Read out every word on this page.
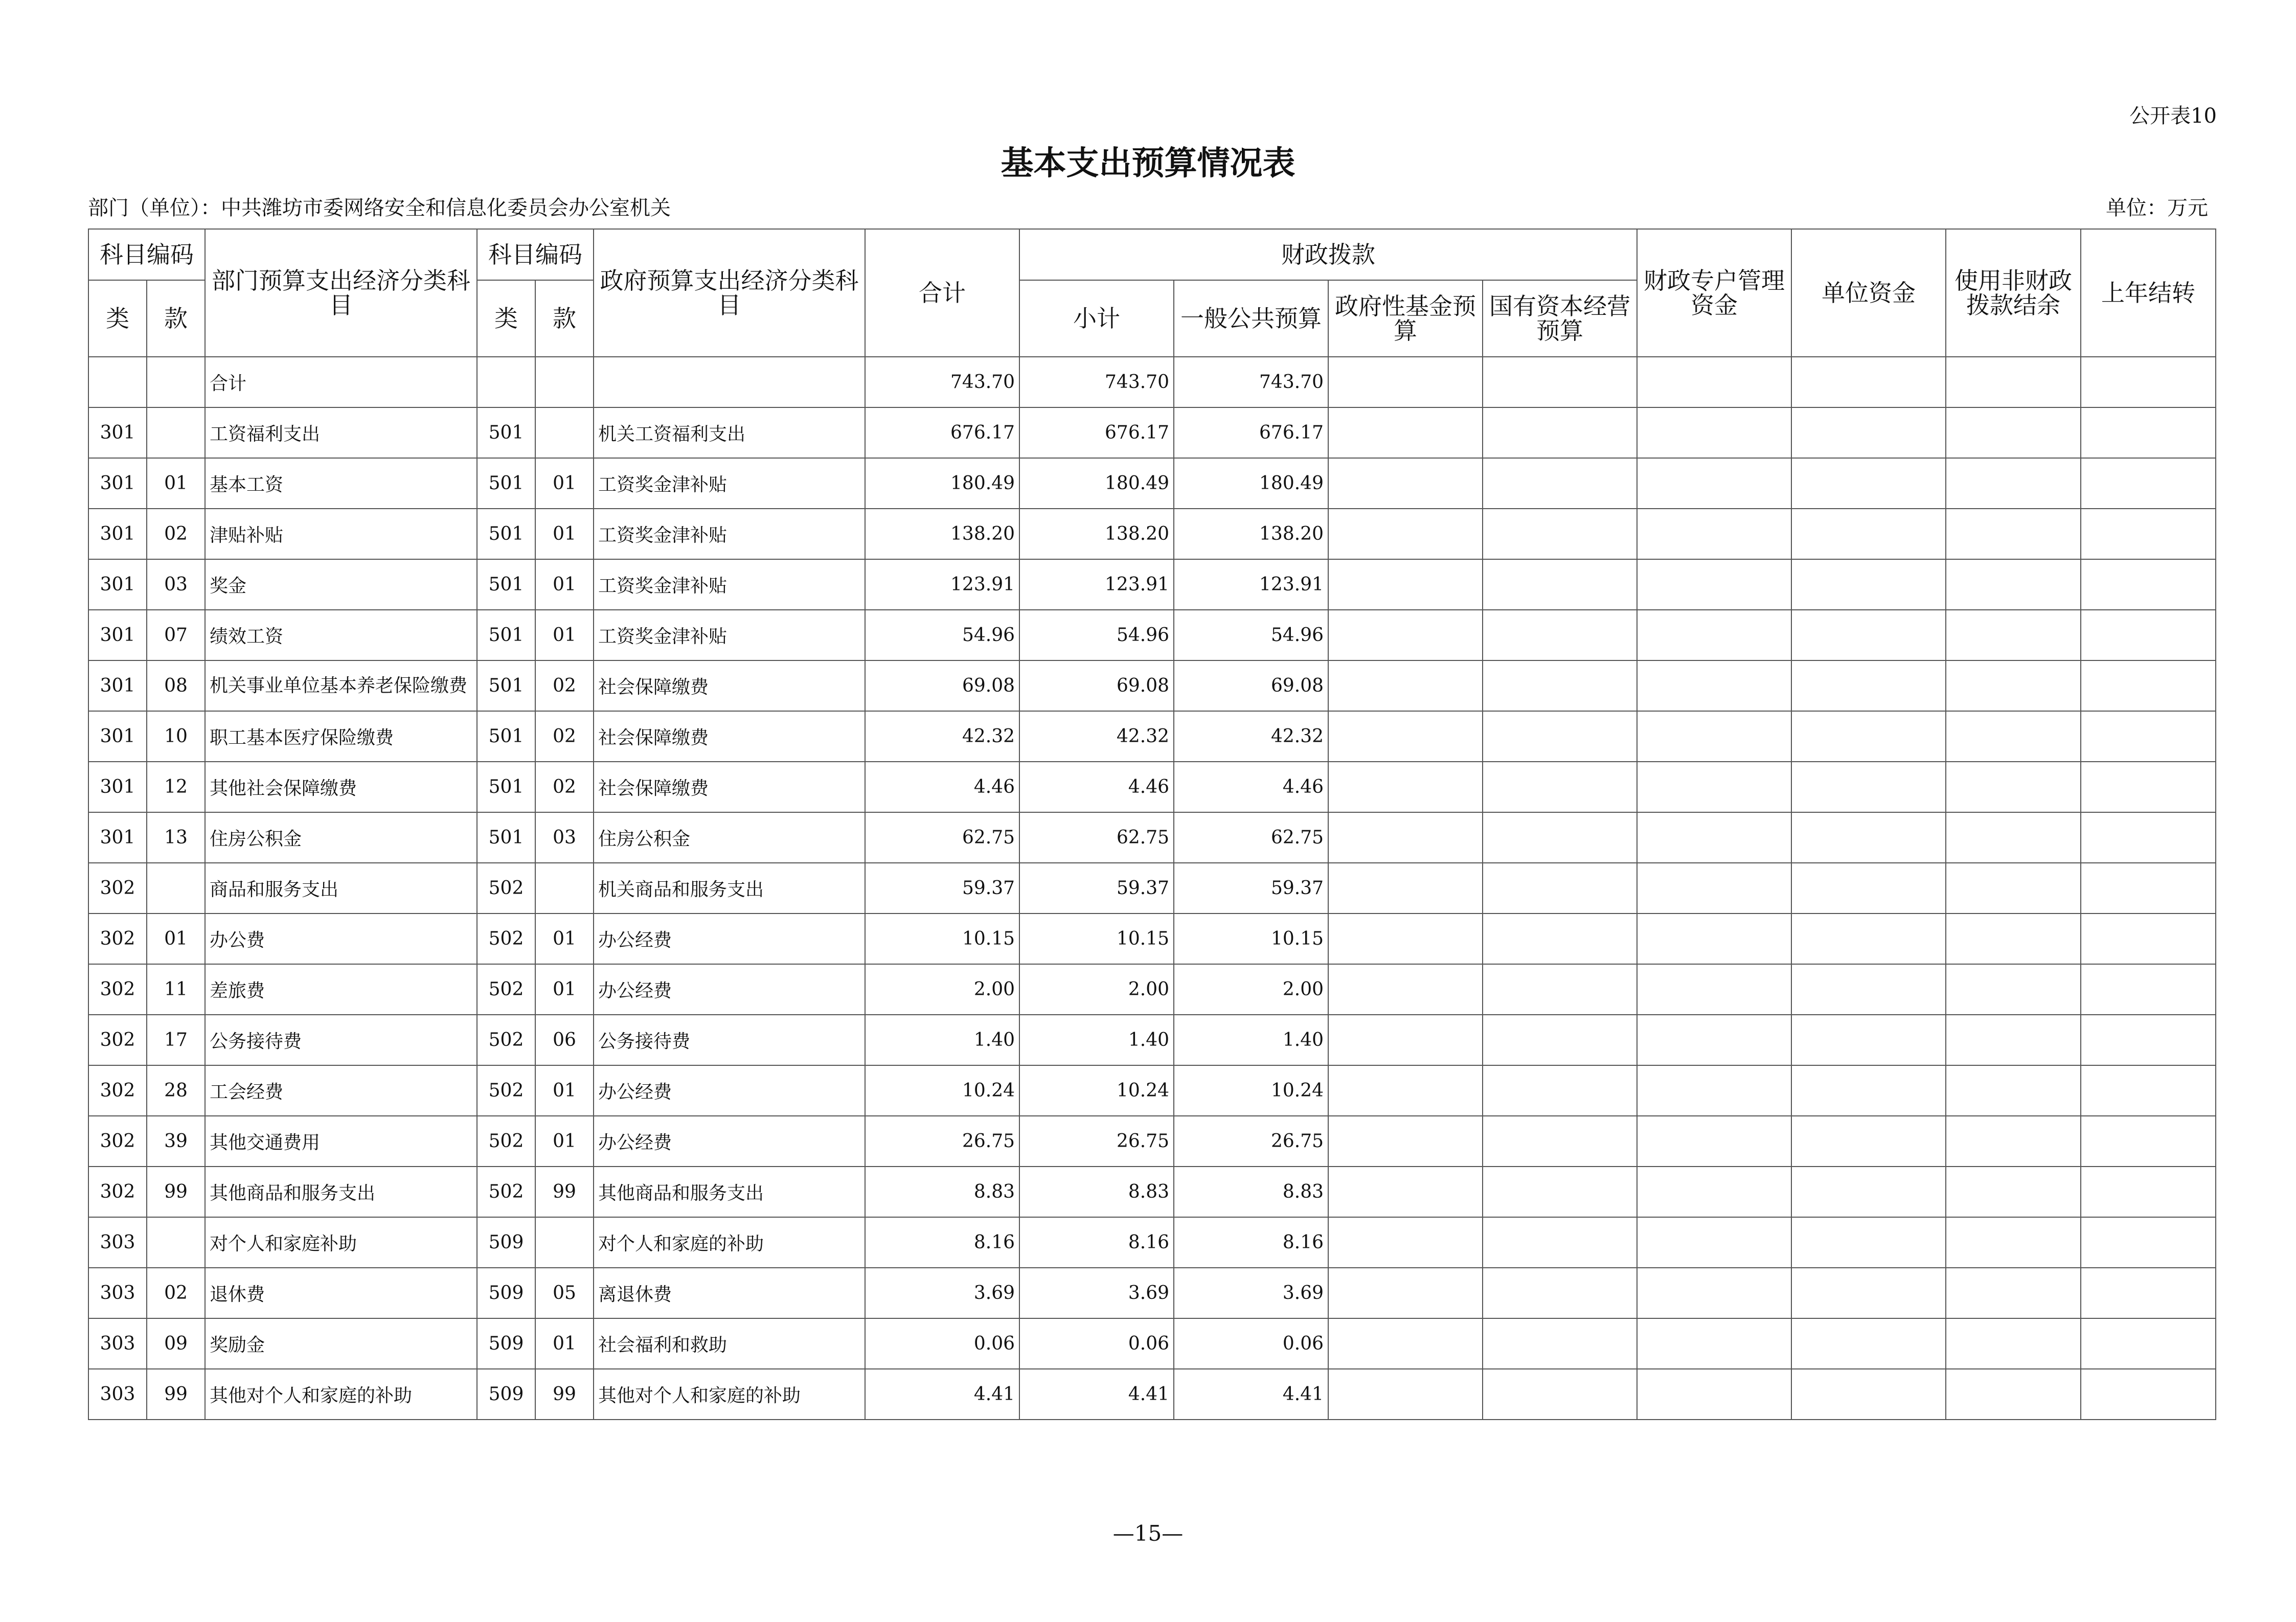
公开表10
基本支出预算情况表
部门（单位）：中共潍坊市委网络安全和信息化委员会办公室机关	单位：万元
科目编码		部门预算支出经济分类科目	科目编码		政府预算支出经济分类科目	合计	财政拨款				财政专户管理资金	单位资金	使用非财政拨款结余	上年结转
类	款		类	款			小计	一般公共预算	政府性基金预算	国有资本经营预算				
		合计				743.70	743.70	743.70						
301		工资福利支出	501		机关工资福利支出	676.17	676.17	676.17						
301	01	基本工资	501	01	工资奖金津补贴	180.49	180.49	180.49						
301	02	津贴补贴	501	01	工资奖金津补贴	138.20	138.20	138.20						
301	03	奖金	501	01	工资奖金津补贴	123.91	123.91	123.91						
301	07	绩效工资	501	01	工资奖金津补贴	54.96	54.96	54.96						
301	08	机关事业单位基本养老保险缴费	501	02	社会保障缴费	69.08	69.08	69.08						
301	10	职工基本医疗保险缴费	501	02	社会保障缴费	42.32	42.32	42.32						
301	12	其他社会保障缴费	501	02	社会保障缴费	4.46	4.46	4.46						
301	13	住房公积金	501	03	住房公积金	62.75	62.75	62.75						
302		商品和服务支出	502		机关商品和服务支出	59.37	59.37	59.37						
302	01	办公费	502	01	办公经费	10.15	10.15	10.15						
302	11	差旅费	502	01	办公经费	2.00	2.00	2.00						
302	17	公务接待费	502	06	公务接待费	1.40	1.40	1.40						
302	28	工会经费	502	01	办公经费	10.24	10.24	10.24						
302	39	其他交通费用	502	01	办公经费	26.75	26.75	26.75						
302	99	其他商品和服务支出	502	99	其他商品和服务支出	8.83	8.83	8.83						
303		对个人和家庭补助	509		对个人和家庭的补助	8.16	8.16	8.16						
303	02	退休费	509	05	离退休费	3.69	3.69	3.69						
303	09	奖励金	509	01	社会福利和救助	0.06	0.06	0.06						
303	99	其他对个人和家庭的补助	509	99	其他对个人和家庭的补助	4.41	4.41	4.41						
—15—
